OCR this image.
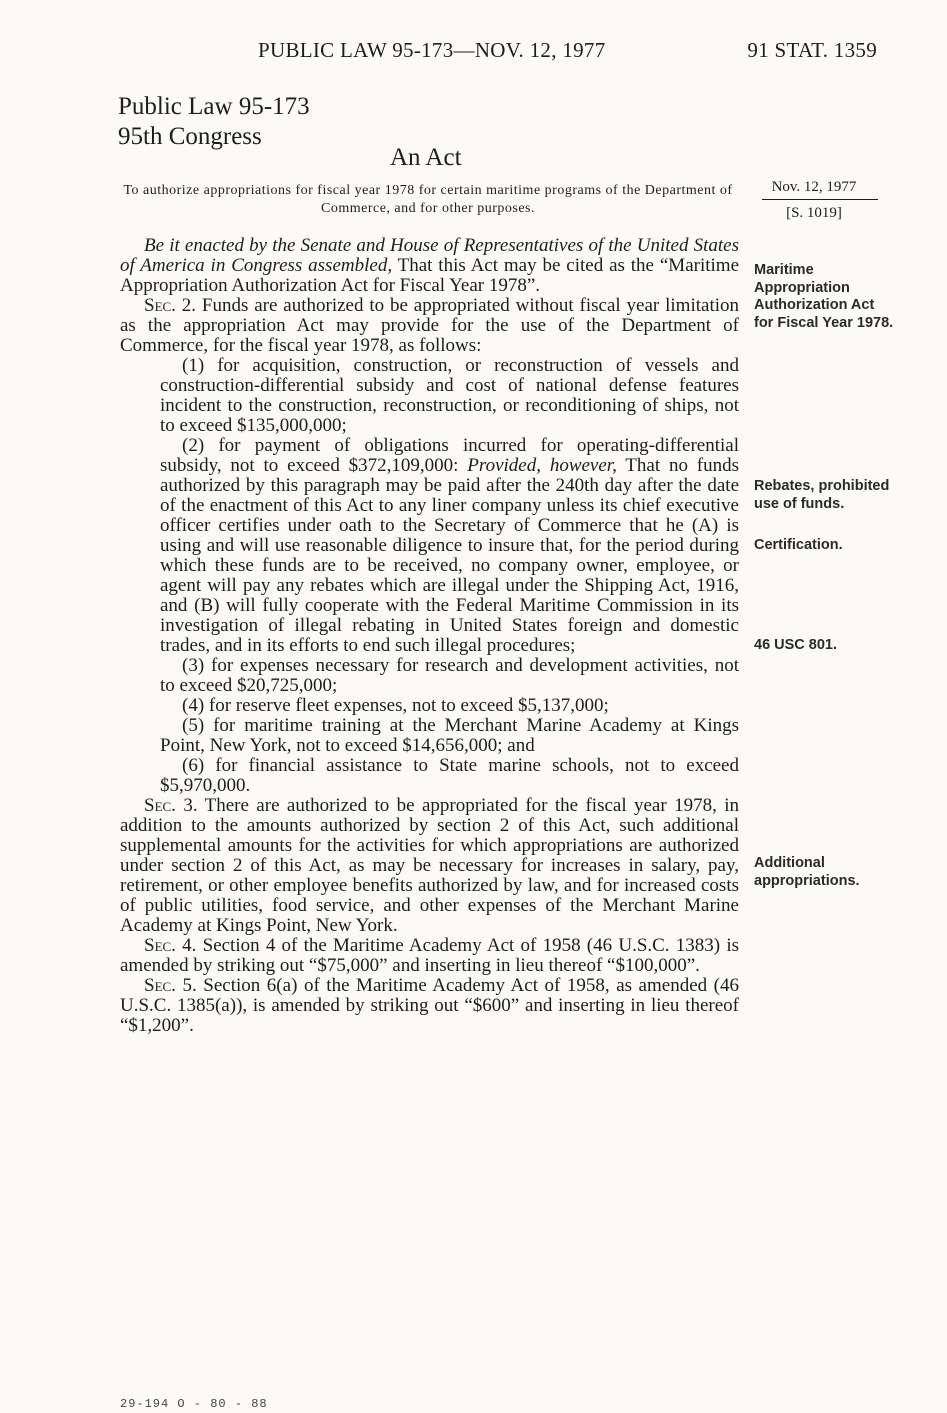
PUBLIC LAW 95-173—NOV. 12, 1977	91 STAT. 1359
Public Law 95-173
95th Congress
An Act
To authorize appropriations for fiscal year 1978 for certain maritime programs of the Department of Commerce, and for other purposes.
Nov. 12, 1977
[S. 1019]

Be it enacted by the Senate and House of Representatives of the United States of America in Congress assembled, That this Act may be cited as the “Maritime Appropriation Authorization Act for Fiscal Year 1978”.

Sec. 2. Funds are authorized to be appropriated without fiscal year limitation as the appropriation Act may provide for the use of the Department of Commerce, for the fiscal year 1978, as follows:

(1) for acquisition, construction, or reconstruction of vessels and construction-differential subsidy and cost of national defense features incident to the construction, reconstruction, or reconditioning of ships, not to exceed $135,000,000;

(2) for payment of obligations incurred for operating-differential subsidy, not to exceed $372,109,000: Provided, however, That no funds authorized by this paragraph may be paid after the 240th day after the date of the enactment of this Act to any liner company unless its chief executive officer certifies under oath to the Secretary of Commerce that he (A) is using and will use reasonable diligence to insure that, for the period during which these funds are to be received, no company owner, employee, or agent will pay any rebates which are illegal under the Shipping Act, 1916, and (B) will fully cooperate with the Federal Maritime Commission in its investigation of illegal rebating in United States foreign and domestic trades, and in its efforts to end such illegal procedures;

(3) for expenses necessary for research and development activities, not to exceed $20,725,000;

(4) for reserve fleet expenses, not to exceed $5,137,000;

(5) for maritime training at the Merchant Marine Academy at Kings Point, New York, not to exceed $14,656,000; and

(6) for financial assistance to State marine schools, not to exceed $5,970,000.

Sec. 3. There are authorized to be appropriated for the fiscal year 1978, in addition to the amounts authorized by section 2 of this Act, such additional supplemental amounts for the activities for which appropriations are authorized under section 2 of this Act, as may be necessary for increases in salary, pay, retirement, or other employee benefits authorized by law, and for increased costs of public utilities, food service, and other expenses of the Merchant Marine Academy at Kings Point, New York.

Sec. 4. Section 4 of the Maritime Academy Act of 1958 (46 U.S.C. 1383) is amended by striking out “$75,000” and inserting in lieu thereof “$100,000”.

Sec. 5. Section 6(a) of the Maritime Academy Act of 1958, as amended (46 U.S.C. 1385(a)), is amended by striking out “$600” and inserting in lieu thereof “$1,200”.

Maritime Appropriation Authorization Act for Fiscal Year 1978.
Rebates, prohibited use of funds.
Certification.
46 USC 801.
Additional appropriations.
29-194 O - 80 - 88
